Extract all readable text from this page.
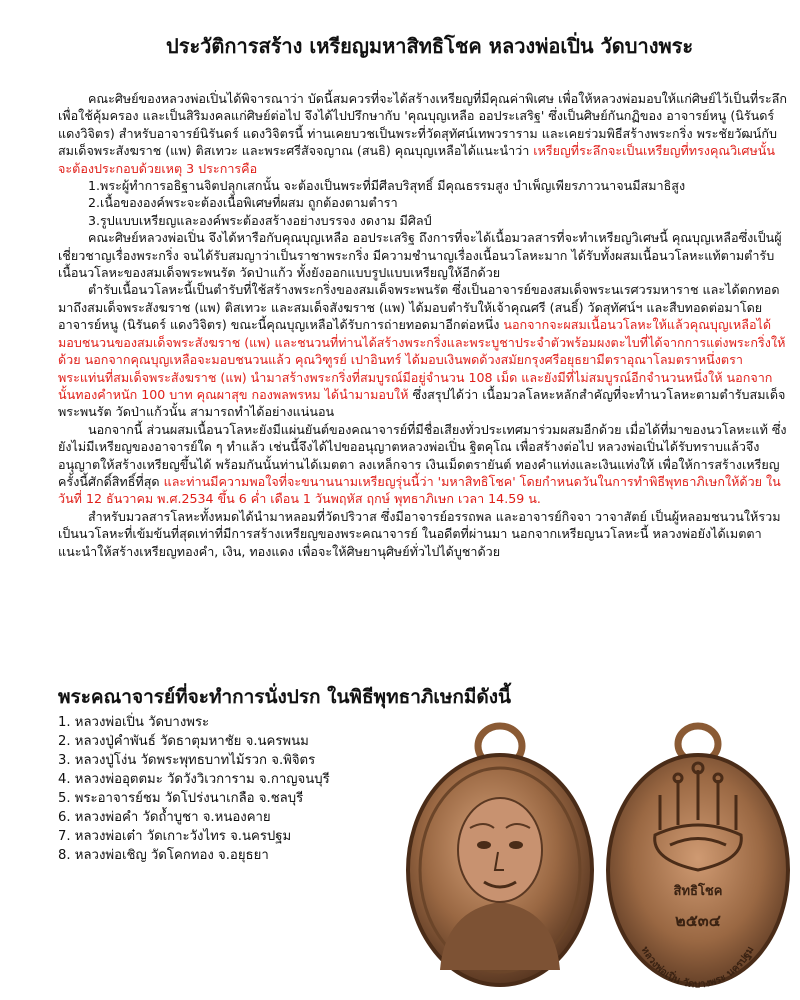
ประวัติการสร้าง เหรียญมหาสิทธิโชค หลวงพ่อเปิ่น วัดบางพระ

คณะศิษย์ของหลวงพ่อเปิ่นได้พิจารณาว่า บัดนี้สมควรที่จะได้สร้างเหรียญที่มีคุณค่าพิเศษ เพื่อให้หลวงพ่อมอบให้แก่ศิษย์ไว้เป็นที่ระลึกเพื่อใช้คุ้มครอง และเป็นสิริมงคลแก่ศิษย์ต่อไป จึงได้ไปปรึกษากับ 'คุณบุญเหลือ ออประเสริฐ' ซึ่งเป็นศิษย์กันกฏิของ อาจารย์หนู (นิรันดร์ แดงวิจิตร) สำหรับอาจารย์นิรันดร์ แดงวิจิตรนี้ ท่านเคยบวชเป็นพระที่วัดสุทัศน์เทพวราราม และเคยร่วมพิธีสร้างพระกริ่ง พระชัยวัฒน์กับสมเด็จพระสังฆราช (แพ) ติสเทวะ และพระศรีสัจจญาณ (สนธิ) คุณบุญเหลือได้แนะนำว่า เหรียญที่ระลึกจะเป็นเหรียญที่ทรงคุณวิเศษนั้นจะต้องประกอบด้วยเหตุ 3 ประการคือ

1.พระผู้ทำการอธิฐานจิตปลุกเสกนั้น จะต้องเป็นพระที่มีศีลบริสุทธิ์ มีคุณธรรมสูง บำเพ็ญเพียรภาวนาจนมีสมาธิสูง
2.เนื้อขององค์พระจะต้องเนื้อพิเศษที่ผสม ถูกต้องตามตำรา
3.รูปแบบเหรียญและองค์พระต้องสร้างอย่างบรรจง งดงาม มีศิลป์

คณะศิษย์หลวงพ่อเปิ่น จึงได้หารือกับคุณบุญเหลือ ออประเสริฐ ถึงการที่จะได้เนื้อมวลสารที่จะทำเหรียญวิเศษนี้ คุณบุญเหลือซึ่งเป็นผู้เชี่ยวชาญเรื่องพระกริ่ง จนได้รับสมญาว่าเป็นราชาพระกริ่ง มีความชำนาญเรื่องเนื้อนวโลหะมาก ได้รับทั้งผสมเนื้อนวโลหะแท้ตามตำรับเนื้อนวโลหะของสมเด็จพระพนรัต วัดป่าแก้ว ทั้งยังออกแบบรูปแบบเหรียญให้อีกด้วย

ตำรับเนื้อนวโลหะนี้เป็นตำรับที่ใช้สร้างพระกริ่งของสมเด็จพระพนรัต ซึ่งเป็นอาจารย์ของสมเด็จพระนเรศวรมหาราช และได้ตกทอดมาถึงสมเด็จพระสังฆราช (แพ) ติสเทวะ และสมเด็จสังฆราช (แพ) ได้มอบตำรับให้เจ้าคุณศรี (สนธิ์) วัดสุทัศน์ฯ และสืบทอดต่อมาโดยอาจารย์หนู (นิรันดร์ แดงวิจิตร) ขณะนี้คุณบุญเหลือได้รับการถ่ายทอดมาอีกต่อหนึ่ง นอกจากจะผสมเนื้อนวโลหะให้แล้วคุณบุญเหลือได้มอบชนวนของสมเด็จพระสังฆราช (แพ) และชนวนที่ท่านได้สร้างพระกริ่งและพระบูชาประจำตัวพร้อมผงตะไบที่ได้จากการแต่งพระกริ่งให้ด้วย นอกจากคุณบุญเหลือจะมอบชนวนแล้ว คุณวิฑูรย์ เปาอินทร์ ได้มอบเงินพดด้วงสมัยกรุงศรีอยุธยามีตราอุณาโลมตราหนึ่งตราพระแท่นที่สมเด็จพระสังฆราช (แพ) นำมาสร้างพระกริ่งที่สมบูรณ์มีอยู่จำนวน 108 เม็ด และยังมีที่ไม่สมบูรณ์อีกจำนวนหนึ่งให้ นอกจากนั้นทองคำหนัก 100 บาท คุณผาสุข กองพลพรหม ได้นำมามอบให้ ซึ่งสรุปได้ว่า เนื้อมวลโลหะหลักสำคัญที่จะทำนวโลหะตามตำรับสมเด็จพระพนรัต วัดป่าแก้วนั้น สามารถทำได้อย่างแน่นอน

นอกจากนี้ ส่วนผสมเนื้อนวโลหะยังมีแผ่นยันต์ของคณาจารย์ที่มีชื่อเสียงทั่วประเทศมาร่วมผสมอีกด้วย เมื่อได้ที่มาของนวโลหะแท้ ซึ่งยังไม่มีเหรียญของอาจารย์ใด ๆ ทำแล้ว เช่นนี้จึงได้ไปขออนุญาตหลวงพ่อเปิ่น ฐิตคุโณ เพื่อสร้างต่อไป หลวงพ่อเปิ่นได้รับทราบแล้วจึงอนุญาตให้สร้างเหรียญขึ้นได้ พร้อมกันนั้นท่านได้เมตตา ลงเหล็กจาร เงินเม็ดตรายันต์ ทองคำแท่งและเงินแท่งให้ เพื่อให้การสร้างเหรียญครั้งนี้ศักดิ์สิทธิ์ที่สุด และท่านมีความพอใจที่จะขนานนามเหรียญรุ่นนี้ว่า 'มหาสิทธิโชค' โดยกำหนดวันในการทำพิธีพุทธาภิเษกให้ด้วย ในวันที่ 12 ธันวาคม พ.ศ.2534 ขึ้น 6 ค่ำ เดือน 1 วันพฤหัส ฤกษ์ พุทธาภิเษก เวลา 14.59 น.

สำหรับมวลสารโลหะทั้งหมดได้นำมาหลอมที่วัดปริวาส ซึ่งมีอาจารย์อรรถพล และอาจารย์กิจจา วาจาสัตย์ เป็นผู้หลอมชนวนให้รวมเป็นนวโลหะที่เข้มข้นที่สุดเท่าที่มีการสร้างเหรียญของพระคณาจารย์ ในอดีตที่ผ่านมา นอกจากเหรียญนวโลหะนี้ หลวงพ่อยังได้เมตตาแนะนำให้สร้างเหรียญทองคำ, เงิน, ทองแดง เพื่อจะให้ศิษยานุศิษย์ทั่วไปได้บูชาด้วย

พระคณาจารย์ที่จะทำการนั่งปรก ในพิธีพุทธาภิเษกมีดังนี้
1. หลวงพ่อเปิ่น วัดบางพระ
2. หลวงปู่คำพันธ์ วัดธาตุมหาชัย จ.นครพนม
3. หลวงปู่โง่น วัดพระพุทธบาทไม้รวก จ.พิจิตร
4. หลวงพ่ออุตตมะ วัดวังวิเวการาม จ.กาญจนบุรี
5. พระอาจารย์ชม วัดโปร่งนาเกลือ จ.ชลบุรี
6. หลวงพ่อคำ วัดถ้ำบูชา จ.หนองคาย
7. หลวงพ่อเต๋า วัดเกาะวังไทร จ.นครปฐม
8. หลวงพ่อเชิญ วัดโคกทอง จ.อยุธยา
สิทธิโชค
๒๕๓๔
หลวงพ่อเปิ่น วัดบางพระ นครปฐม
